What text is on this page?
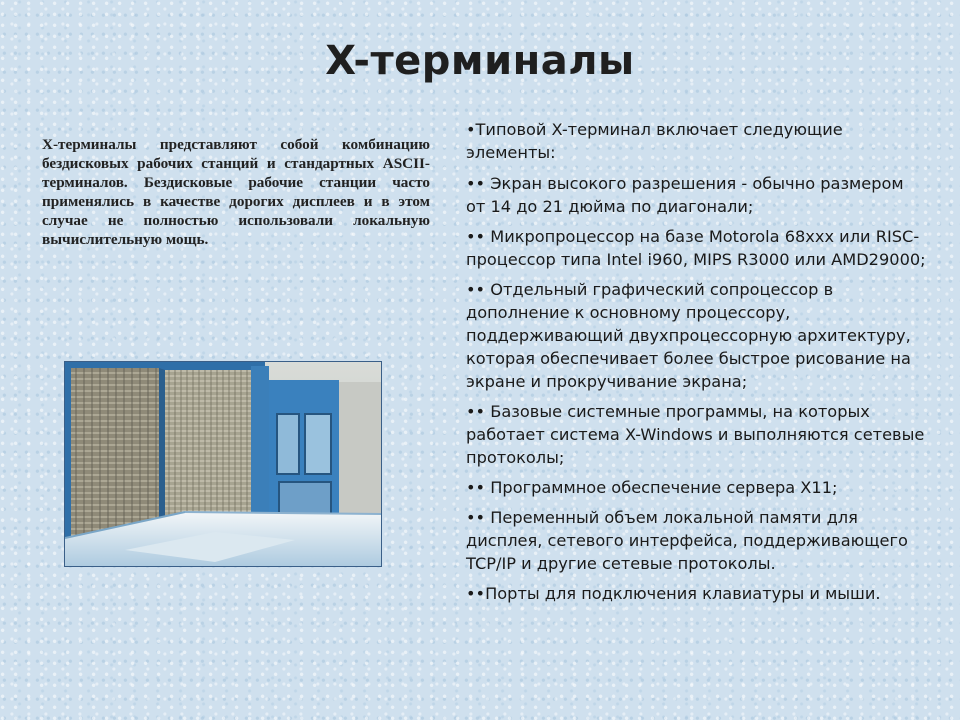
X-терминалы
X-терминалы представляют собой комбинацию бездисковых рабочих станций и стандартных ASCII- терминалов. Бездисковые рабочие станции часто применялись в качестве дорогих дисплеев и в этом случае не полностью использовали локальную вычислительную мощь.
•Типовой X-терминал включает следующие элементы:
•• Экран высокого разрешения - обычно размером от 14 до 21 дюйма по диагонали;
•• Микропроцессор на базе Motorola 68xxx или RISC-процессор типа Intel i960, MIPS R3000 или AMD29000;
•• Отдельный графический сопроцессор в дополнение к основному процессору, поддерживающий двухпроцессорную архитектуру, которая обеспечивает более быстрое рисование на экране и прокручивание экрана;
•• Базовые системные программы, на которых работает система X-Windows и выполняются сетевые протоколы;
•• Программное обеспечение сервера X11;
•• Переменный объем локальной памяти для дисплея, сетевого интерфейса, поддерживающего TCP/IP и другие сетевые протоколы.
••Порты для подключения клавиатуры и мыши.
